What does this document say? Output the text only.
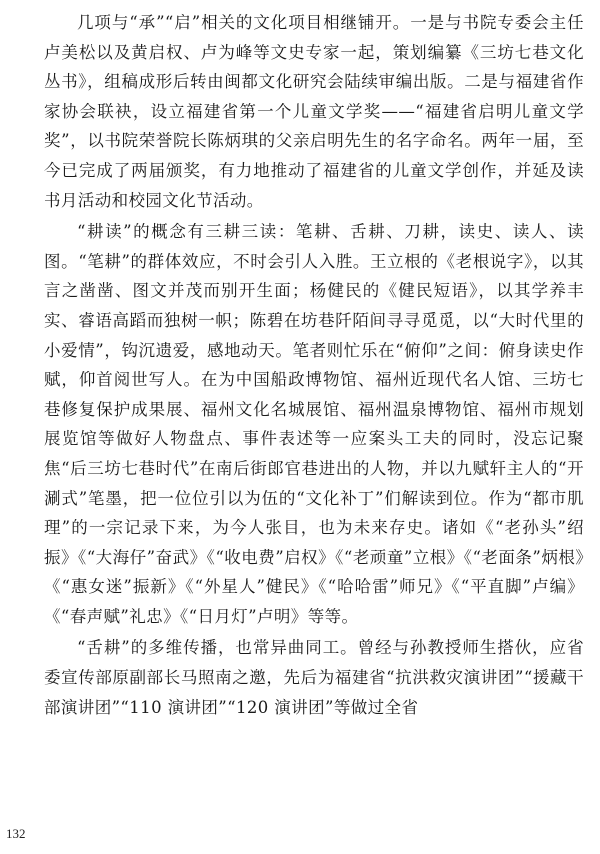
几项与“承”“启”相关的文化项目相继铺开。一是与书院专委会主任卢美松以及黄启权、卢为峰等文史专家一起，策划编纂《三坊七巷文化丛书》，组稿成形后转由闽都文化研究会陆续审编出版。二是与福建省作家协会联袂，设立福建省第一个儿童文学奖——“福建省启明儿童文学奖”，以书院荣誉院长陈炳琪的父亲启明先生的名字命名。两年一届，至今已完成了两届颁奖，有力地推动了福建省的儿童文学创作，并延及读书月活动和校园文化节活动。

“耕读”的概念有三耕三读：笔耕、舌耕、刀耕，读史、读人、读图。“笔耕”的群体效应，不时会引人入胜。王立根的《老根说字》，以其言之凿凿、图文并茂而别开生面；杨健民的《健民短语》，以其学养丰实、睿语高蹈而独树一帜；陈碧在坊巷阡陌间寻寻觅觅，以“大时代里的小爱情”，钩沉遗爱，感地动天。笔者则忙乐在“俯仰”之间：俯身读史作赋，仰首阅世写人。在为中国船政博物馆、福州近现代名人馆、三坊七巷修复保护成果展、福州文化名城展馆、福州温泉博物馆、福州市规划展览馆等做好人物盘点、事件表述等一应案头工夫的同时，没忘记聚焦“后三坊七巷时代”在南后街郎官巷进出的人物，并以九赋轩主人的“开涮式”笔墨，把一位位引以为伍的“文化补丁”们解读到位。作为“都市肌理”的一宗记录下来，为今人张目，也为未来存史。诸如《“老孙头”绍振》《“大海仔”奋武》《“收电费”启权》《“老顽童”立根》《“老面条”炳根》《“惠女迷”振新》《“外星人”健民》《“哈哈雷”师兄》《“平直脚”卢编》《“春声赋”礼忠》《“日月灯”卢明》等等。

“舌耕”的多维传播，也常异曲同工。曾经与孙教授师生搭伙，应省委宣传部原副部长马照南之邀，先后为福建省“抗洪救灾演讲团”“援藏干部演讲团”“110 演讲团”“120 演讲团”等做过全省

132
